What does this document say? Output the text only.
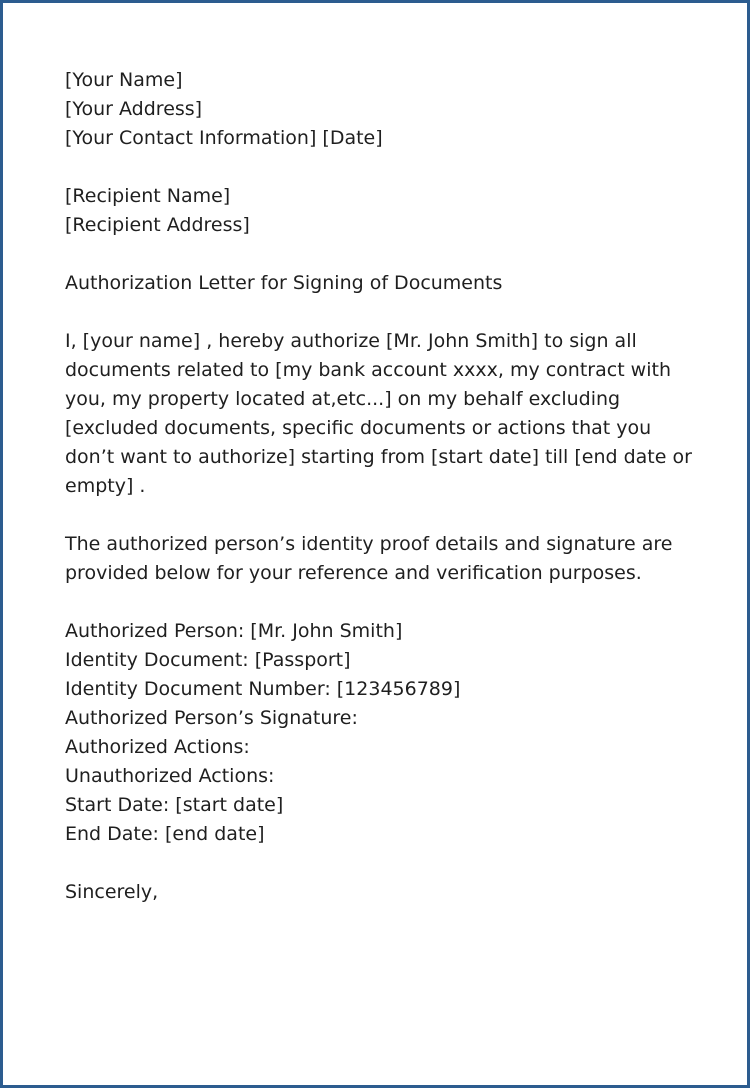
[Your Name]
[Your Address]
[Your Contact Information] [Date]
[Recipient Name]
[Recipient Address]
Authorization Letter for Signing of Documents
I, [your name] , hereby authorize [Mr. John Smith] to sign all
documents related to [my bank account xxxx, my contract with
you, my property located at,etc...] on my behalf excluding
[excluded documents, specific documents or actions that you
don’t want to authorize] starting from [start date] till [end date or
empty] .
The authorized person’s identity proof details and signature are
provided below for your reference and verification purposes.
Authorized Person: [Mr. John Smith]
Identity Document: [Passport]
Identity Document Number: [123456789]
Authorized Person’s Signature:
Authorized Actions:
Unauthorized Actions:
Start Date: [start date]
End Date: [end date]
Sincerely,
